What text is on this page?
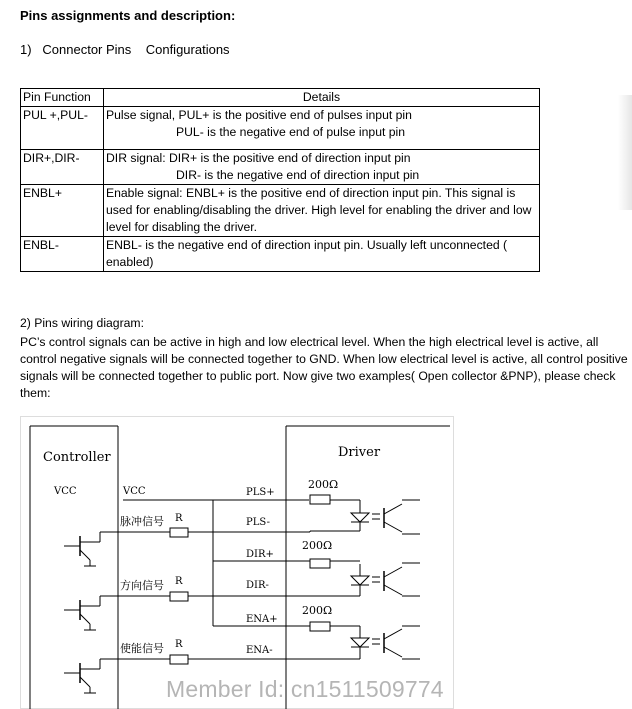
Pins assignments and description:
1)   Connector Pins    Configurations
Pin Function	Details
PUL +,PUL-	Pulse signal, PUL+ is the positive end of pulses input pin
PUL- is the negative end of pulse input pin

DIR+,DIR-	DIR signal: DIR+ is the positive end of direction input pin
DIR- is the negative end of direction input pin

ENBL+	Enable signal: ENBL+ is the positive end of direction input pin. This signal is used for enabling/disabling the driver. High level for enabling the driver and low level for disabling the driver.
ENBL-	ENBL- is the negative end of direction input pin. Usually left unconnected ( enabled)
2) Pins wiring diagram:
PC’s control signals can be active in high and low electrical level. When the high electrical level is active, all control negative signals will be connected together to GND. When low electrical level is active, all control positive signals will be connected together to public port. Now give two examples( Open collector &PNP), please check them:
Controller	Driver
VCC	VCC	PLS+
200Ω
脉冲信号 R	PLS-
DIR+
200Ω
方向信号 R	DIR-
ENA+
200Ω
使能信号 R
ENA-
Member Id: cn1511509774
